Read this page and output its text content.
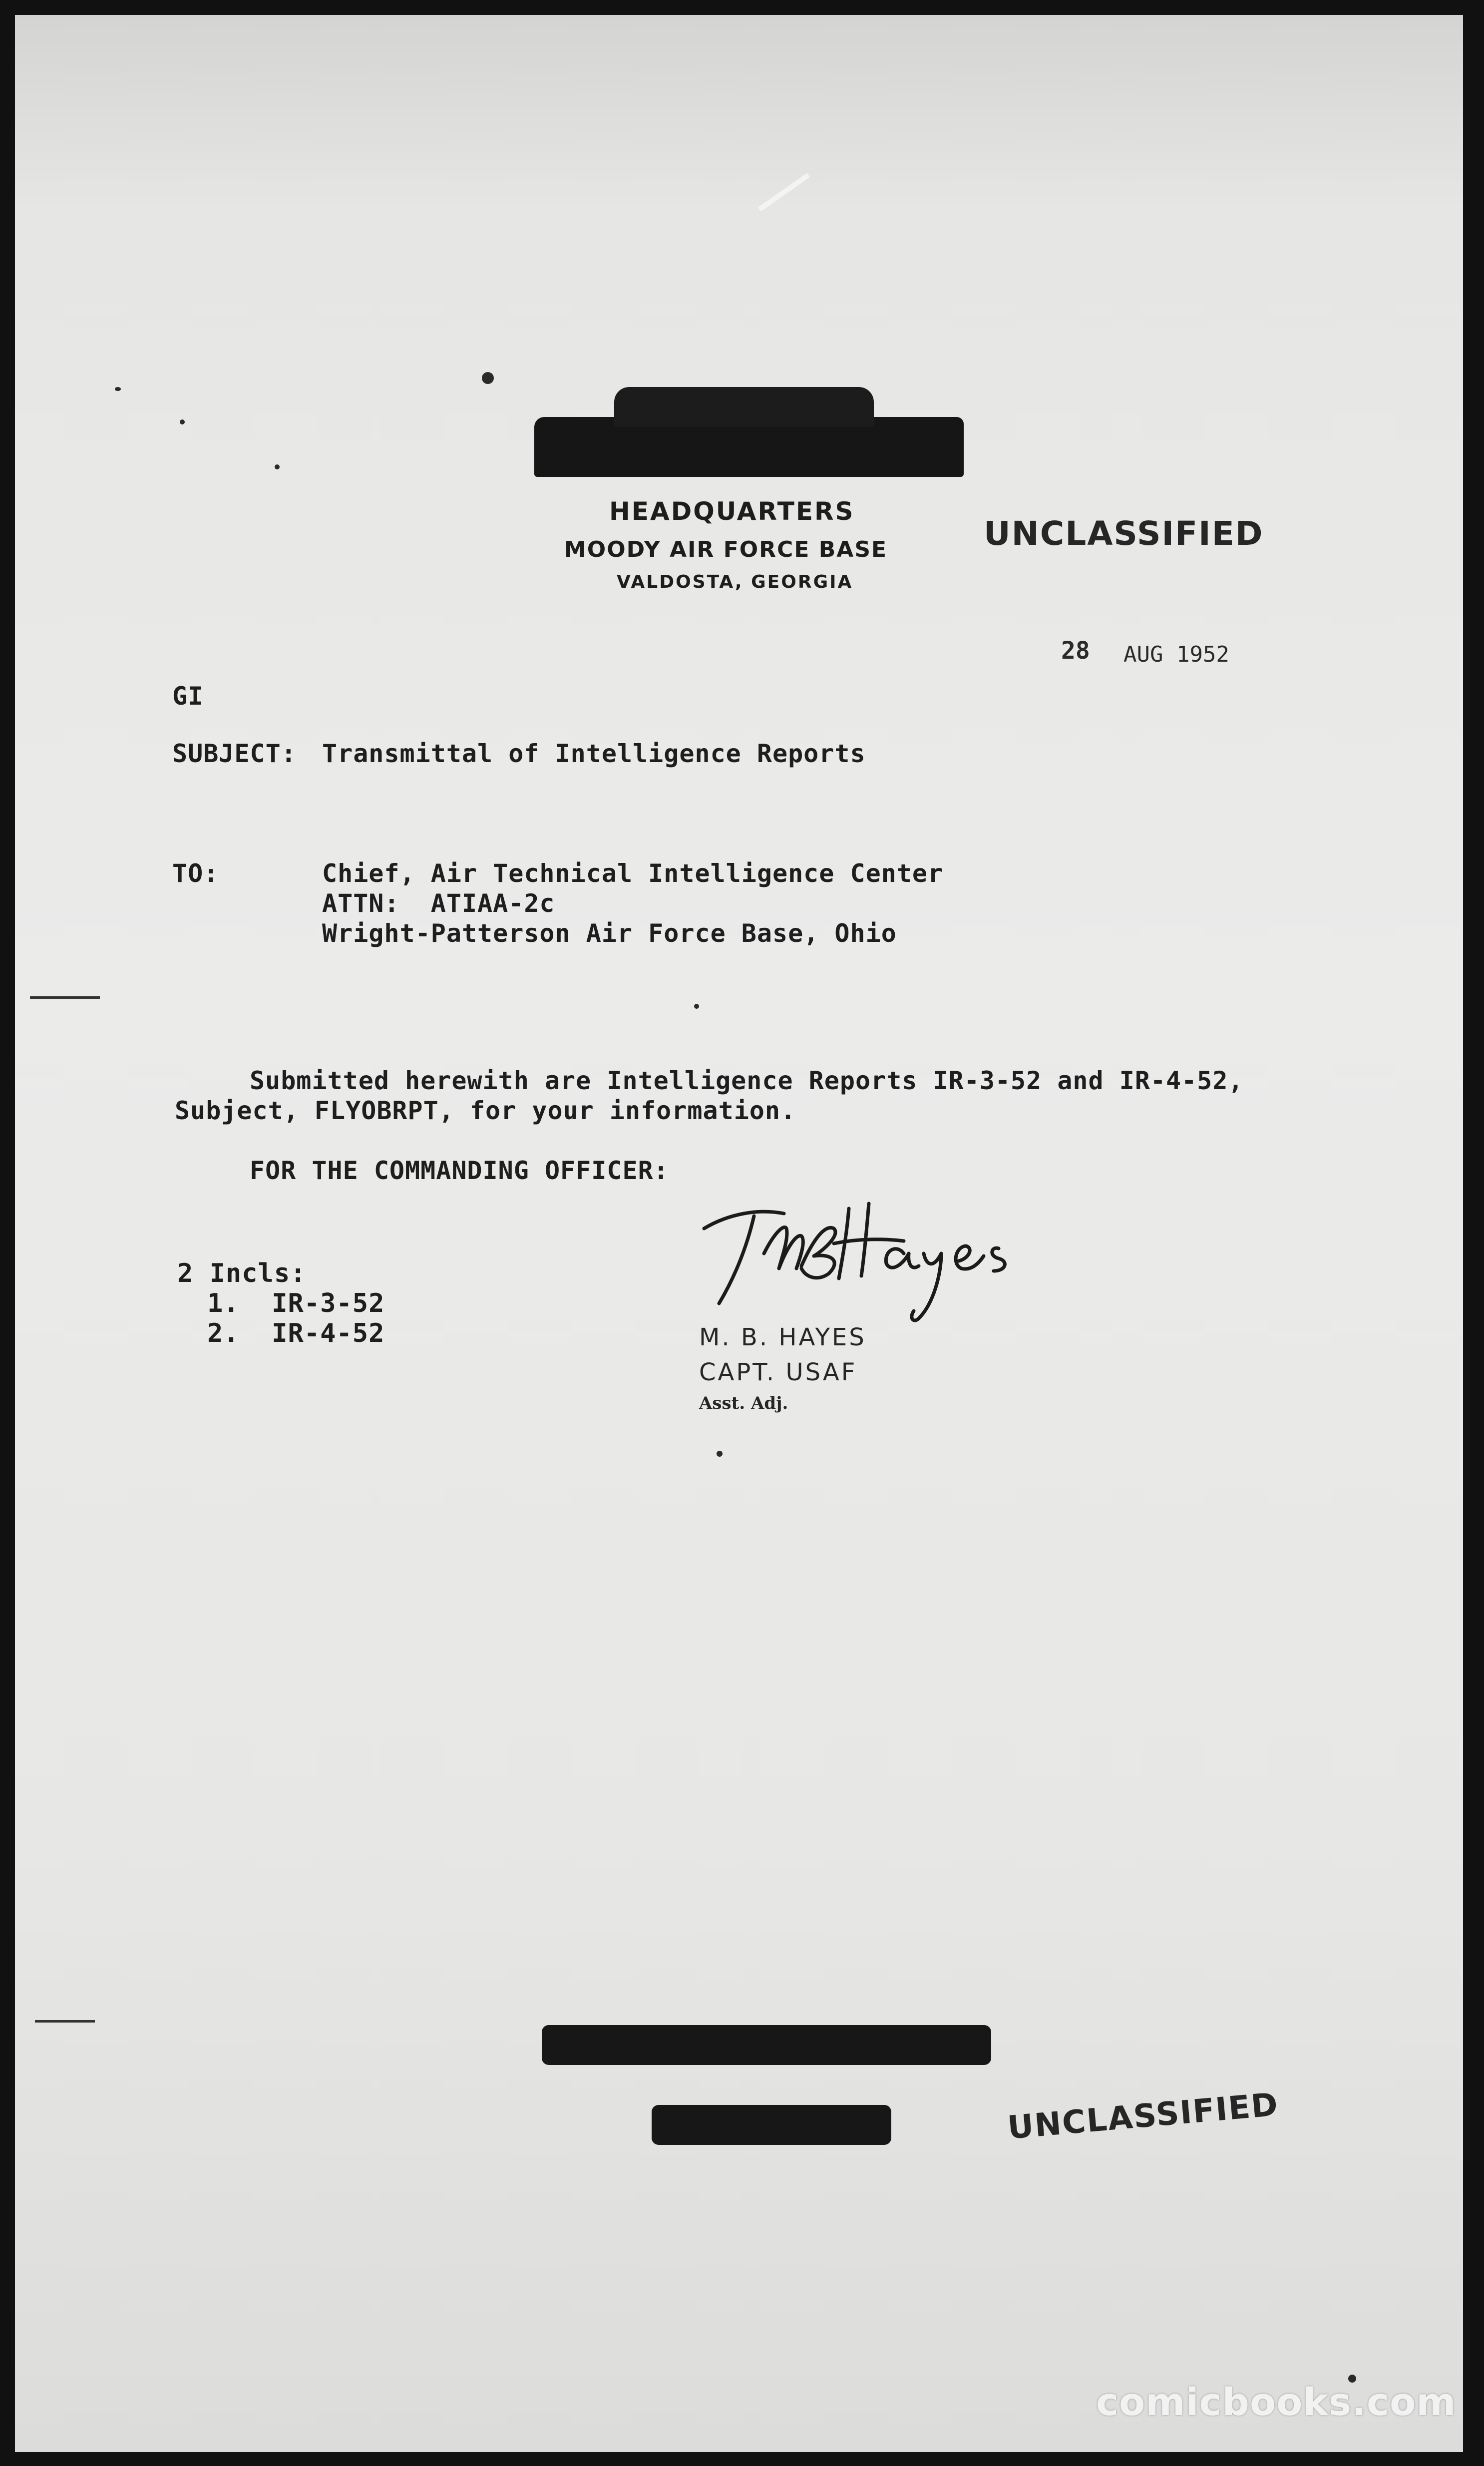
HEADQUARTERS
MOODY AIR FORCE BASE
VALDOSTA, GEORGIA
UNCLASSIFIED
28 AUG 1952
GI
SUBJECT: Transmittal of Intelligence Reports
TO:	Chief, Air Technical Intelligence Center
ATTN:  ATIAA-2c
Wright-Patterson Air Force Base, Ohio
Submitted herewith are Intelligence Reports IR-3-52 and IR-4-52,
Subject, FLYOBRPT, for your information.
FOR THE COMMANDING OFFICER:
M. B. HAYES
CAPT. USAF
Asst. Adj.
2 Incls:
1.  IR-3-52
2.  IR-4-52
UNCLASSIFIED
comicbooks.com
